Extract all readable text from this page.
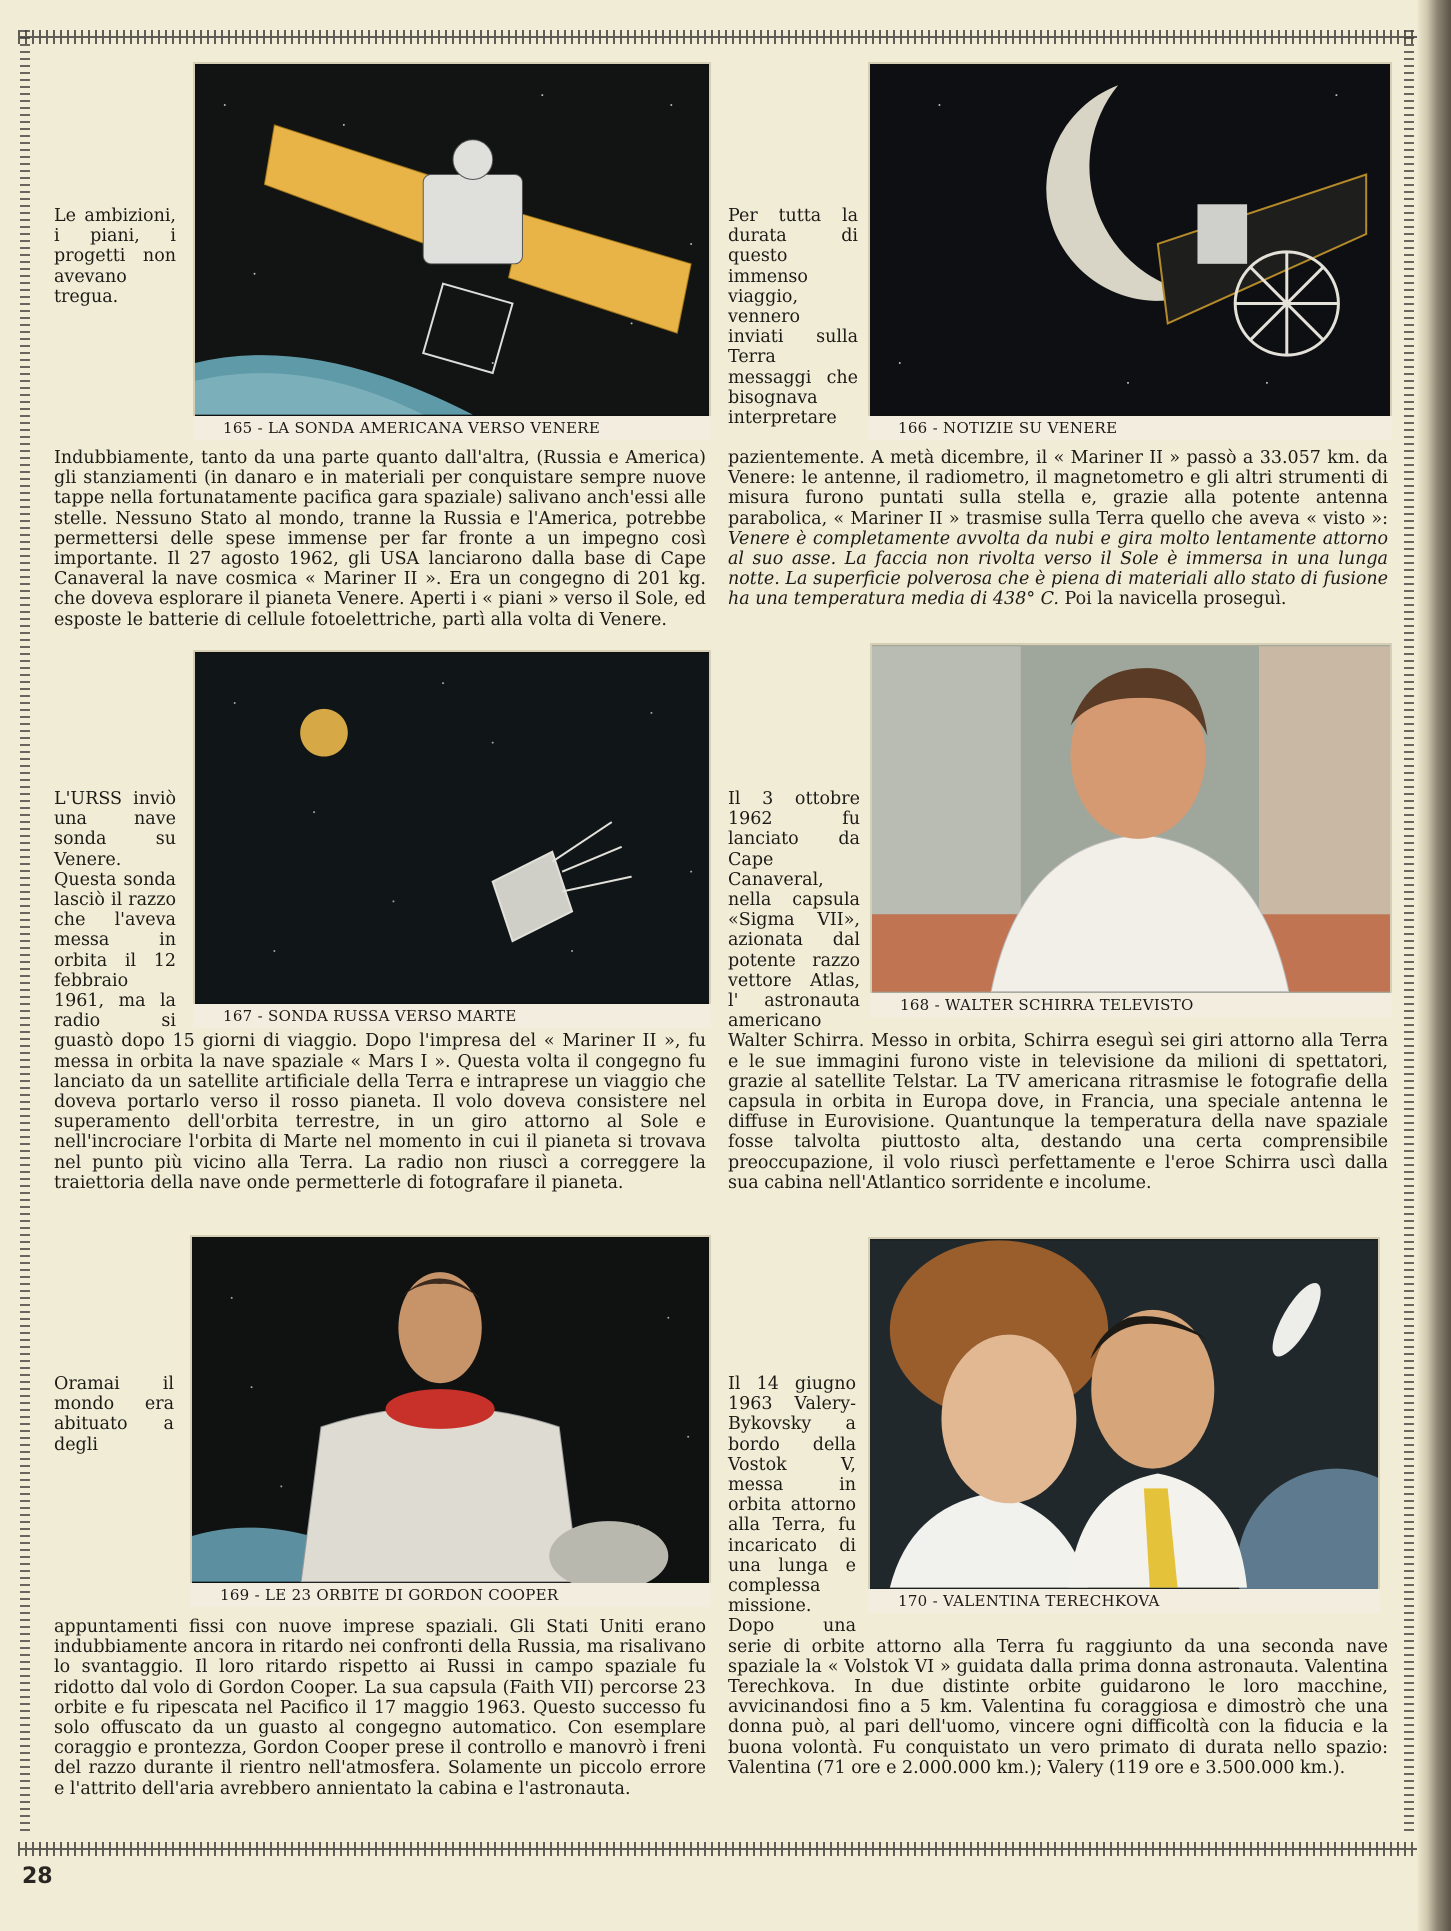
165 - LA SONDA AMERICANA VERSO VENERE	166 - NOTIZIE SU VENERE

Le ambizioni, i piani, i progetti non avevano tregua. Indubbiamente, tanto da una parte quanto dall'altra, (Russia e America) gli stanziamenti (in danaro e in materiali per conquistare sempre nuove tappe nella fortunatamente pacifica gara spaziale) salivano anch'essi alle stelle. Nessuno Stato al mondo, tranne la Russia e l'America, potrebbe permettersi delle spese immense per far fronte a un impegno così importante. Il 27 agosto 1962, gli USA lanciarono dalla base di Cape Canaveral la nave cosmica « Mariner II ». Era un congegno di 201 kg. che doveva esplorare il pianeta Venere. Aperti i « piani » verso il Sole, ed esposte le batterie di cellule fotoelettriche, partì alla volta di Venere.

Per tutta la durata di questo immenso viaggio, vennero inviati sulla Terra messaggi che bisognava interpretare pazientemente. A metà dicembre, il « Mariner II » passò a 33.057 km. da Venere: le antenne, il radiometro, il magnetometro e gli altri strumenti di misura furono puntati sulla stella e, grazie alla potente antenna parabolica, « Mariner II » trasmise sulla Terra quello che aveva « visto »: Venere è completamente avvolta da nubi e gira molto lentamente attorno al suo asse. La faccia non rivolta verso il Sole è immersa in una lunga notte. La superficie polverosa che è piena di materiali allo stato di fusione ha una temperatura media di 438° C. Poi la navicella proseguì.

167 - SONDA RUSSA VERSO MARTE
168 - WALTER SCHIRRA TELEVISTO

L'URSS inviò una nave sonda su Venere. Questa sonda lasciò il razzo che l'aveva messa in orbita il 12 febbraio 1961, ma la radio si guastò dopo 15 giorni di viaggio. Dopo l'impresa del « Mariner II », fu messa in orbita la nave spaziale « Mars I ». Questa volta il congegno fu lanciato da un satellite artificiale della Terra e intraprese un viaggio che doveva portarlo verso il rosso pianeta. Il volo doveva consistere nel superamento dell'orbita terrestre, in un giro attorno al Sole e nell'incrociare l'orbita di Marte nel momento in cui il pianeta si trovava nel punto più vicino alla Terra. La radio non riuscì a correggere la traiettoria della nave onde permetterle di fotografare il pianeta.

Il 3 ottobre 1962 fu lanciato da Cape Canaveral, nella capsula «Sigma VII», azionata dal potente razzo vettore Atlas, l' astronauta americano Walter Schirra. Messo in orbita, Schirra eseguì sei giri attorno alla Terra e le sue immagini furono viste in televisione da milioni di spettatori, grazie al satellite Telstar. La TV americana ritrasmise le fotografie della capsula in orbita in Europa dove, in Francia, una speciale antenna le diffuse in Eurovisione. Quantunque la temperatura della nave spaziale fosse talvolta piuttosto alta, destando una certa comprensibile preoccupazione, il volo riuscì perfettamente e l'eroe Schirra uscì dalla sua cabina nell'Atlantico sorridente e incolume.

169 - LE 23 ORBITE DI GORDON COOPER	170 - VALENTINA TERECHKOVA

Oramai il mondo era abituato a degli appuntamenti fissi con nuove imprese spaziali. Gli Stati Uniti erano indubbiamente ancora in ritardo nei confronti della Russia, ma risalivano lo svantaggio. Il loro ritardo rispetto ai Russi in campo spaziale fu ridotto dal volo di Gordon Cooper. La sua capsula (Faith VII) percorse 23 orbite e fu ripescata nel Pacifico il 17 maggio 1963. Questo successo fu solo offuscato da un guasto al congegno automatico. Con esemplare coraggio e prontezza, Gordon Cooper prese il controllo e manovrò i freni del razzo durante il rientro nell'atmosfera. Solamente un piccolo errore e l'attrito dell'aria avrebbero annientato la cabina e l'astronauta.

Il 14 giugno 1963 Valery-Bykovsky a bordo della Vostok V, messa in orbita attorno alla Terra, fu incaricato di una lunga e complessa missione. Dopo una serie di orbite attorno alla Terra fu raggiunto da una seconda nave spaziale la « Volstok VI » guidata dalla prima donna astronauta. Valentina Terechkova. In due distinte orbite guidarono le loro macchine, avvicinandosi fino a 5 km. Valentina fu coraggiosa e dimostrò che una donna può, al pari dell'uomo, vincere ogni difficoltà con la fiducia e la buona volontà. Fu conquistato un vero primato di durata nello spazio: Valentina (71 ore e 2.000.000 km.); Valery (119 ore e 3.500.000 km.).

28
